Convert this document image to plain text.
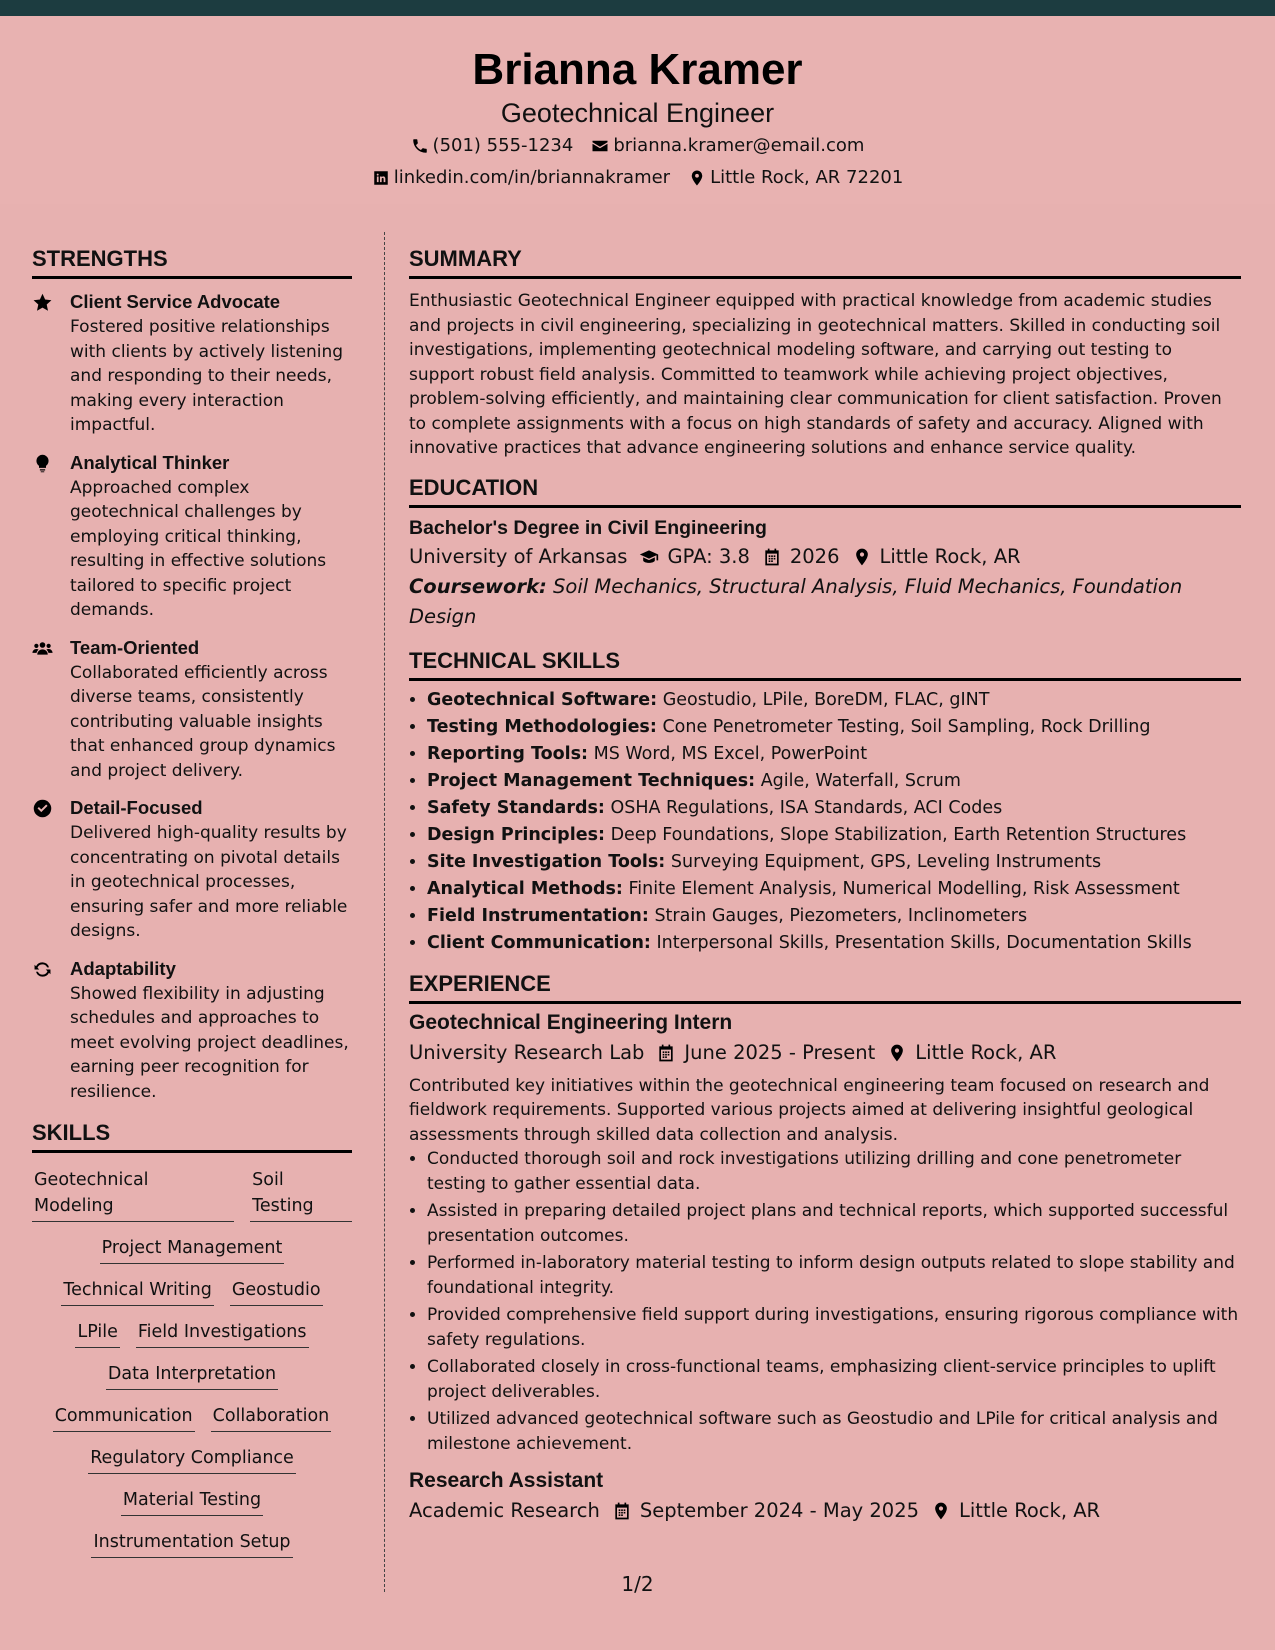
Brianna Kramer
Geotechnical Engineer
(501) 555-1234 brianna.kramer@email.com
linkedin.com/in/briannakramer Little Rock, AR 72201
STRENGTHS
Client Service Advocate
Fostered positive relationships with clients by actively listening and responding to their needs, making every interaction impactful.
Analytical Thinker
Approached complex geotechnical challenges by employing critical thinking, resulting in effective solutions tailored to specific project demands.
Team-Oriented
Collaborated efficiently across diverse teams, consistently contributing valuable insights that enhanced group dynamics and project delivery.
Detail-Focused
Delivered high-quality results by concentrating on pivotal details in geotechnical processes, ensuring safer and more reliable designs.
Adaptability
Showed flexibility in adjusting schedules and approaches to meet evolving project deadlines, earning peer recognition for resilience.
SKILLS
Geotechnical Modeling
Soil Testing
Project Management
Technical Writing Geostudio
LPile Field Investigations
Data Interpretation
Communication Collaboration
Regulatory Compliance
Material Testing
Instrumentation Setup
SUMMARY

Enthusiastic Geotechnical Engineer equipped with practical knowledge from academic studies and projects in civil engineering, specializing in geotechnical matters. Skilled in conducting soil investigations, implementing geotechnical modeling software, and carrying out testing to support robust field analysis. Committed to teamwork while achieving project objectives, problem-solving efficiently, and maintaining clear communication for client satisfaction. Proven to complete assignments with a focus on high standards of safety and accuracy. Aligned with innovative practices that advance engineering solutions and enhance service quality.

EDUCATION
Bachelor's Degree in Civil Engineering
University of Arkansas GPA: 3.8 2026 Little Rock, AR
Coursework: Soil Mechanics, Structural Analysis, Fluid Mechanics, Foundation Design
TECHNICAL SKILLS
• Geotechnical Software: Geostudio, LPile, BoreDM, FLAC, gINT
• Testing Methodologies: Cone Penetrometer Testing, Soil Sampling, Rock Drilling
• Reporting Tools: MS Word, MS Excel, PowerPoint
• Project Management Techniques: Agile, Waterfall, Scrum
• Safety Standards: OSHA Regulations, ISA Standards, ACI Codes
• Design Principles: Deep Foundations, Slope Stabilization, Earth Retention Structures
• Site Investigation Tools: Surveying Equipment, GPS, Leveling Instruments
• Analytical Methods: Finite Element Analysis, Numerical Modelling, Risk Assessment
• Field Instrumentation: Strain Gauges, Piezometers, Inclinometers
• Client Communication: Interpersonal Skills, Presentation Skills, Documentation Skills
EXPERIENCE
Geotechnical Engineering Intern
University Research Lab June 2025 - Present Little Rock, AR
Contributed key initiatives within the geotechnical engineering team focused on research and fieldwork requirements. Supported various projects aimed at delivering insightful geological assessments through skilled data collection and analysis.
• Conducted thorough soil and rock investigations utilizing drilling and cone penetrometer testing to gather essential data.
• Assisted in preparing detailed project plans and technical reports, which supported successful presentation outcomes.
• Performed in-laboratory material testing to inform design outputs related to slope stability and foundational integrity.
• Provided comprehensive field support during investigations, ensuring rigorous compliance with safety regulations.
• Collaborated closely in cross-functional teams, emphasizing client-service principles to uplift project deliverables.
• Utilized advanced geotechnical software such as Geostudio and LPile for critical analysis and milestone achievement.
Research Assistant
Academic Research September 2024 - May 2025 Little Rock, AR
1/2
